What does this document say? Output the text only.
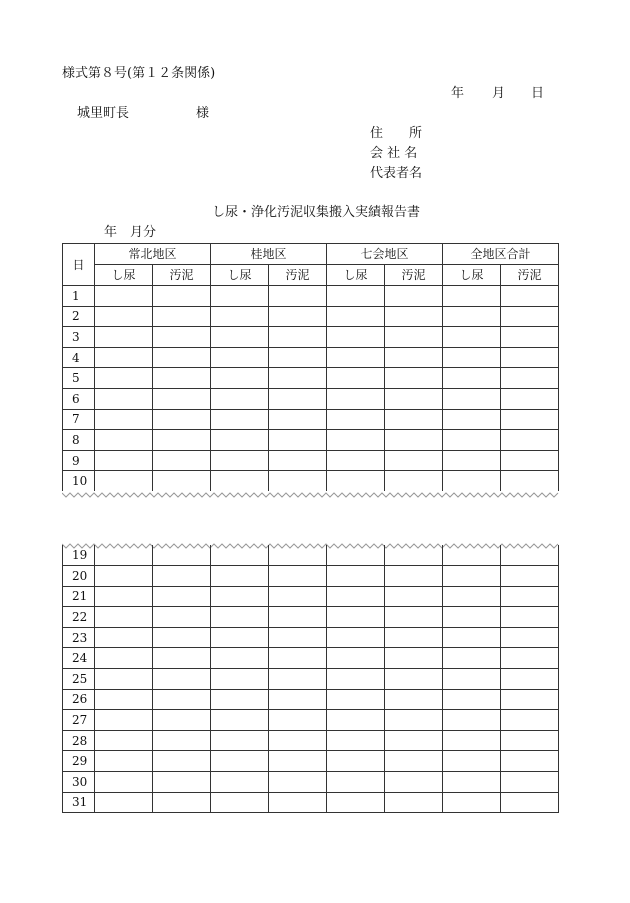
様式第８号(第１２条関係)
年 月 日
城里町長	様
住　　所
会 社 名
代表者名
し尿・浄化汚泥収集搬入実績報告書
年　月分
日	常北地区		桂地区		七会地区		全地区合計	
	し尿	汚泥	し尿	汚泥	し尿	汚泥	し尿	汚泥
1								
2								
3								
4								
5								
6								
7								
8								
9								
10								
19								
20								
21								
22								
23								
24								
25								
26								
27								
28								
29								
30								
31								
